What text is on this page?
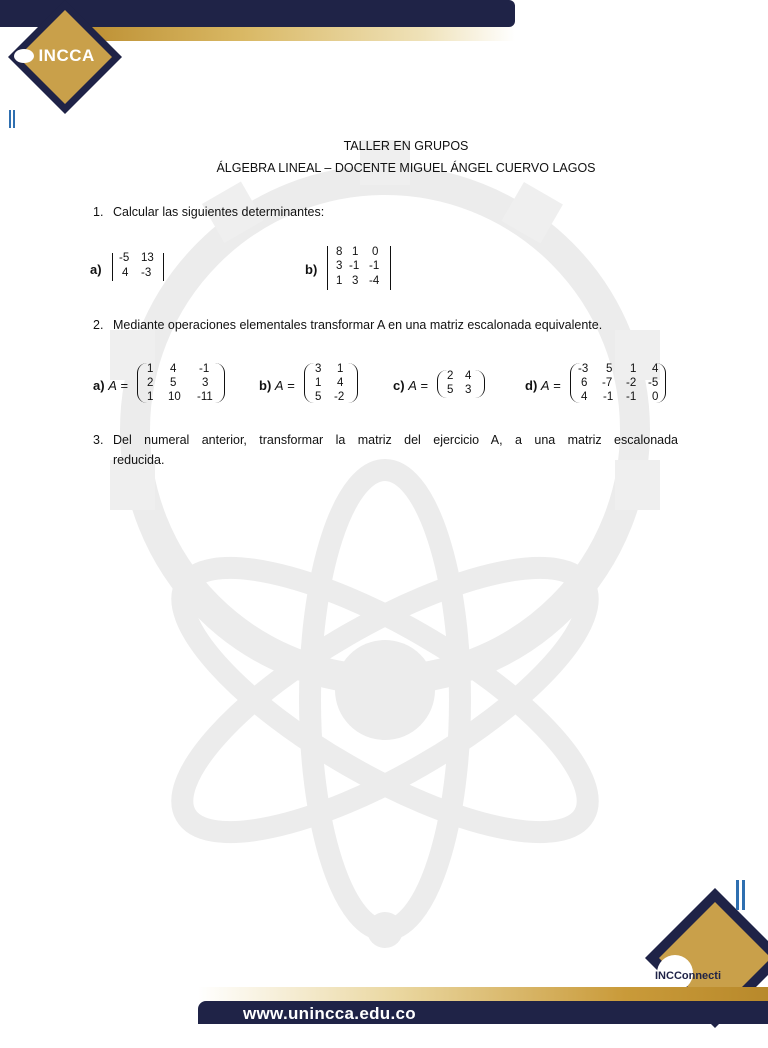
INCCA
TALLER EN GRUPOS
ÁLGEBRA LINEAL – DOCENTE MIGUEL ÁNGEL CUERVO LAGOS
1. Calcular las siguientes determinantes:
a)
-5 13
4 -3	b)
8 1 0
3 -1 -1
1 3 -4
2. Mediante operaciones elementales transformar A en una matriz escalonada equivalente.
a) A =
1 4 -1
2 5 3
1 10 -11
b) A =
3 1
1 4
5 -2
c) A =
2 4
5 3	d) A =
-3 5 1 4
6 -7 -2 -5
4 -1 -1 0
3. Del numeral anterior, transformar la matriz del ejercicio A, a una matriz escalonada
reducida.
INCConnecti
www.unincca.edu.co
